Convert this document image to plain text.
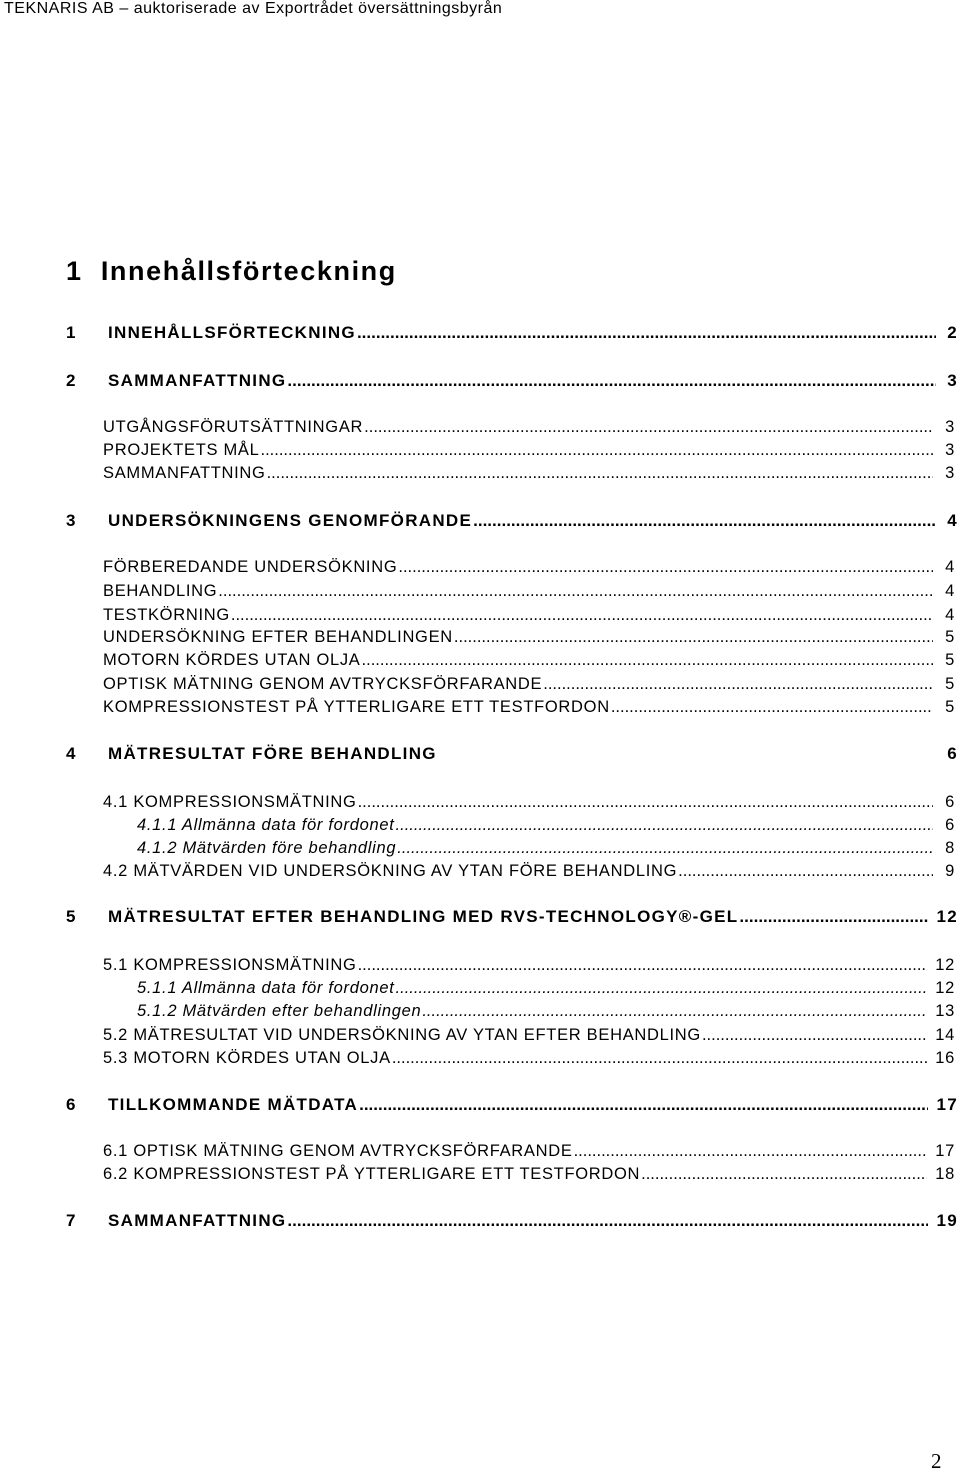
TEKNARIS AB – auktoriserade av Exportrådet översättningsbyrån
1 Innehållsförteckning
1	INNEHÅLLSFÖRTECKNING .....	2
2	SAMMANFATTNING .....	3
UTGÅNGSFÖRUTSÄTTNINGAR .....	3
PROJEKTETS MÅL .....	3
SAMMANFATTNING .....	3
3	UNDERSÖKNINGENS GENOMFÖRANDE .....	4
FÖRBEREDANDE UNDERSÖKNING .....	4
BEHANDLING .....	4
TESTKÖRNING .....	4
UNDERSÖKNING EFTER BEHANDLINGEN .....	5
MOTORN KÖRDES UTAN OLJA .....	5
OPTISK MÄTNING GENOM AVTRYCKSFÖRFARANDE .....	5
KOMPRESSIONSTEST PÅ YTTERLIGARE ETT TESTFORDON .....	5
4	MÄTRESULTAT FÖRE BEHANDLING	6
4.1 KOMPRESSIONSMÄTNING .....	6
4.1.1 Allmänna data för fordonet .....	6
4.1.2 Mätvärden före behandling .....	8
4.2 MÄTVÄRDEN VID UNDERSÖKNING AV YTAN FÖRE BEHANDLING .....	9
5	MÄTRESULTAT EFTER BEHANDLING MED RVS-TECHNOLOGY®-GEL .....	12
5.1 KOMPRESSIONSMÄTNING .....	12
5.1.1 Allmänna data för fordonet .....	12
5.1.2 Mätvärden efter behandlingen .....	13
5.2 MÄTRESULTAT VID UNDERSÖKNING AV YTAN EFTER BEHANDLING .....	14
5.3 MOTORN KÖRDES UTAN OLJA .....	16
6	TILLKOMMANDE MÄTDATA .....	17
6.1 OPTISK MÄTNING GENOM AVTRYCKSFÖRFARANDE .....	17
6.2 KOMPRESSIONSTEST PÅ YTTERLIGARE ETT TESTFORDON .....	18
7	SAMMANFATTNING .....	19
2
